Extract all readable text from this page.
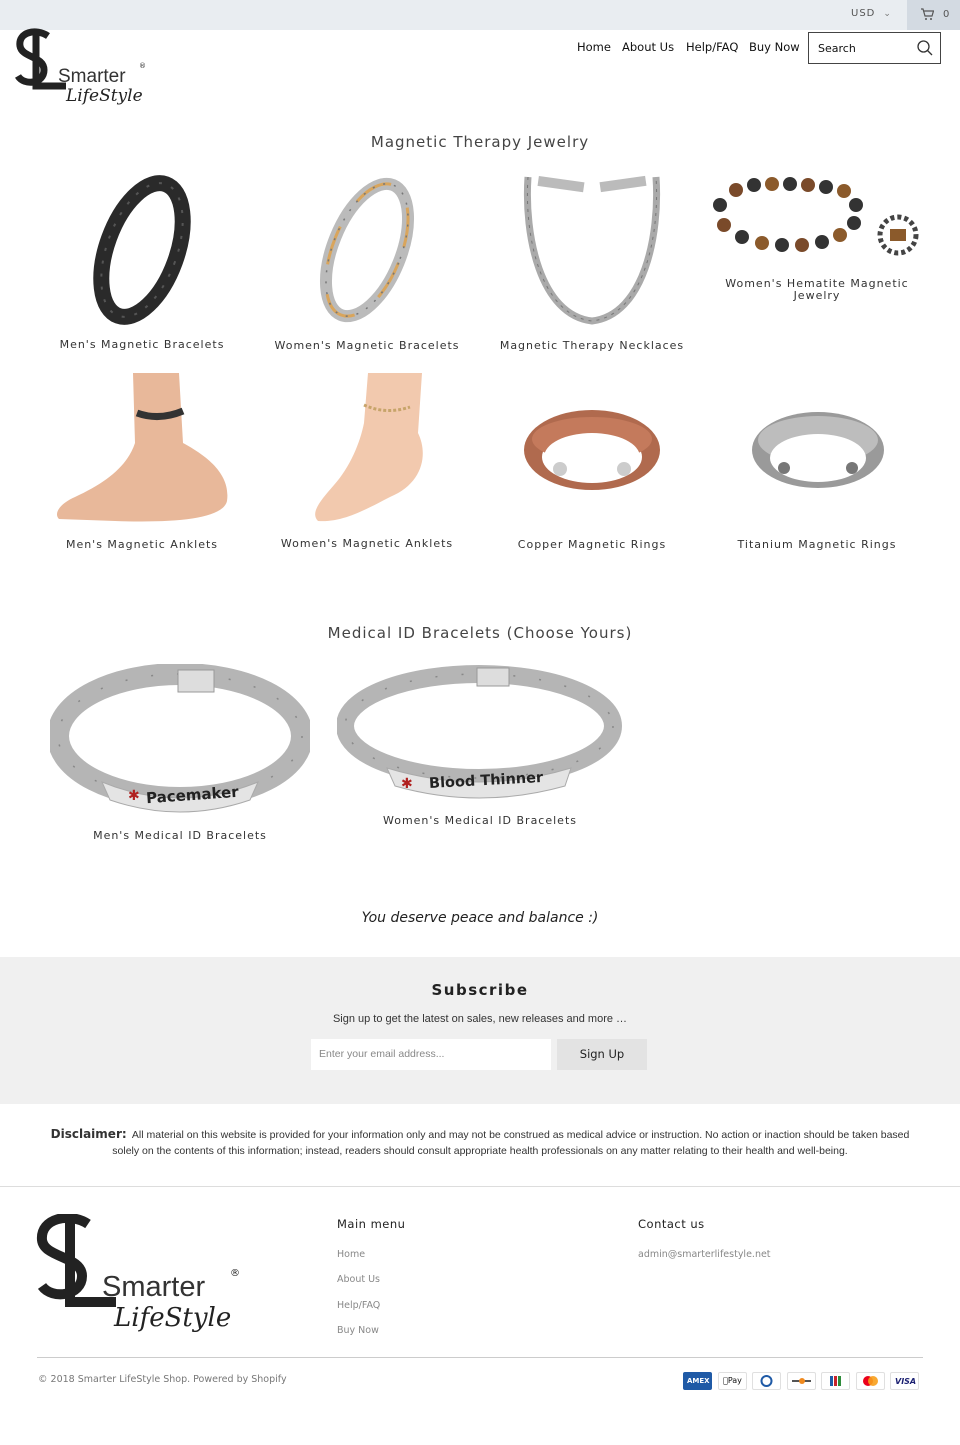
USD ⌄	0
Smarter
LifeStyle
®
Home About Us Help/FAQ Buy Now Search
Magnetic Therapy Jewelry
Men's Magnetic Bracelets	Women's Magnetic Bracelets	Magnetic Therapy Necklaces
Women's Hematite Magnetic Jewelry
Men's Magnetic Anklets	Women's Magnetic Anklets	Copper Magnetic Rings	Titanium Magnetic Rings
Medical ID Bracelets (Choose Yours)
✱ Pacemaker
Men's Medical ID Bracelets
✱ Blood Thinner
Women's Medical ID Bracelets
You deserve peace and balance :)
Subscribe
Sign up to get the latest on sales, new releases and more …
Enter your email address...	Sign Up
Disclaimer: All material on this website is provided for your information only and may not be construed as medical advice or instruction. No action or inaction should be taken based solely on the contents of this information; instead, readers should consult appropriate health professionals on any matter relating to their health and well-being.
Smarter
LifeStyle
®
Main menu
Home
About Us
Help/FAQ
Buy Now
Contact us
admin@smarterlifestyle.net
© 2018 Smarter LifeStyle Shop. Powered by Shopify	AMEX Pay	VISA
